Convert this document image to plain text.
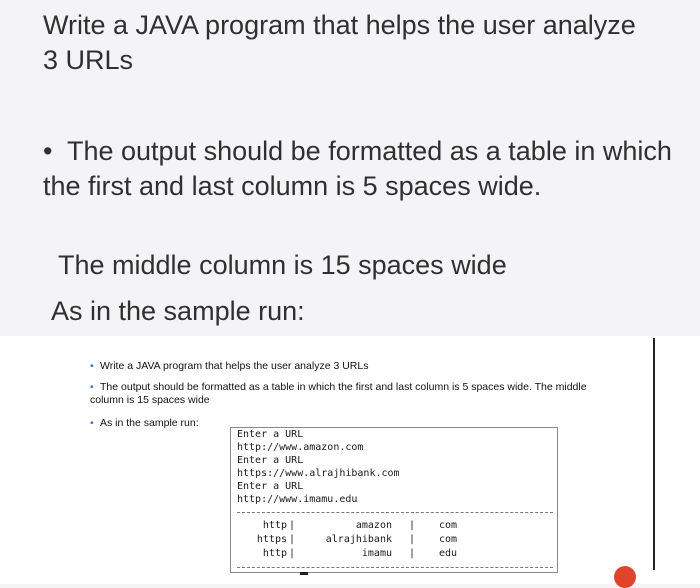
Write a JAVA program that helps the user analyze 3 URLs
• The output should be formatted as a table in which the first and last column is 5 spaces wide.
The middle column is 15 spaces wide
As in the sample run:
• Write a JAVA program that helps the user analyze 3 URLs
• The output should be formatted as a table in which the first and last column is 5 spaces wide. The middle column is 15 spaces wide
• As in the sample run:
Enter a URL
http://www.amazon.com
Enter a URL
https://www.alrajhibank.com
Enter a URL
http://www.imamu.edu
http |	amazon | com
https |	alrajhibank | com
http |	imamu | edu
